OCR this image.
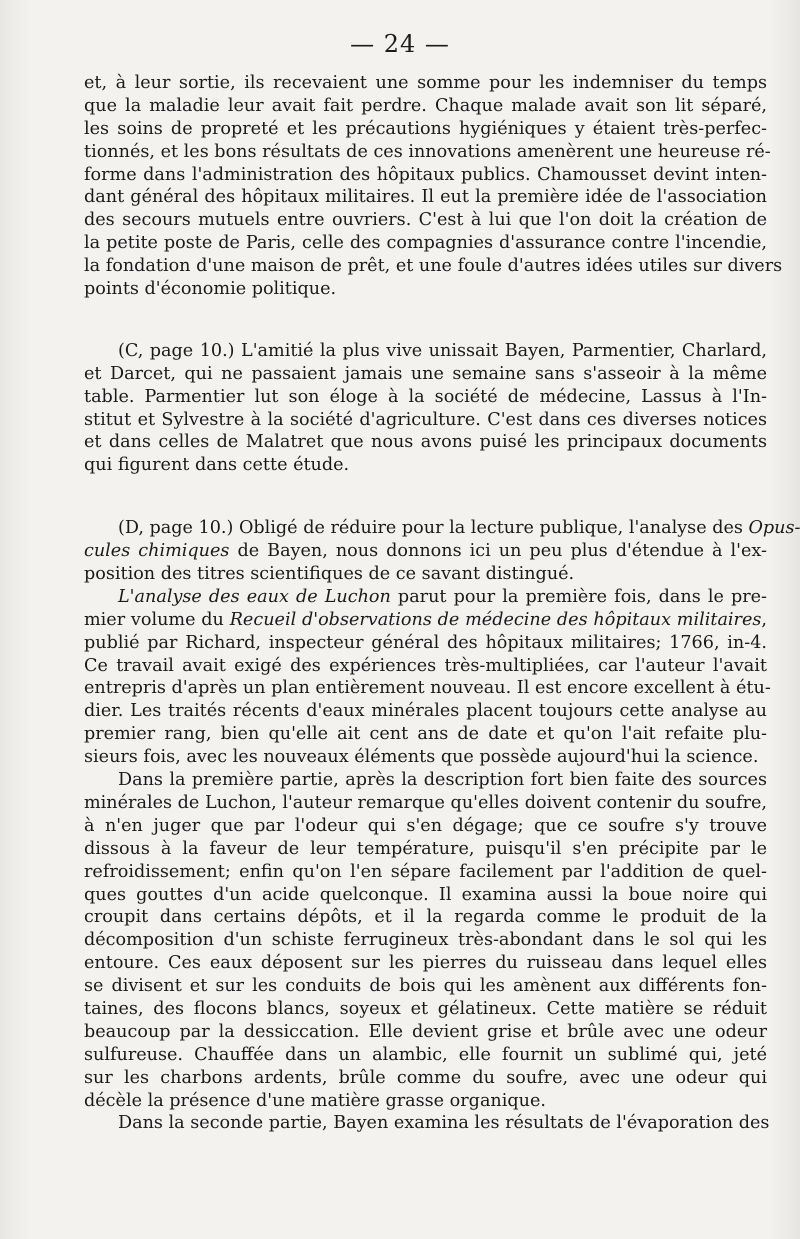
— 24 —
et, à leur sortie, ils recevaient une somme pour les indemniser du temps
que la maladie leur avait fait perdre. Chaque malade avait son lit séparé,
les soins de propreté et les précautions hygiéniques y étaient très-perfec-
tionnés, et les bons résultats de ces innovations amenèrent une heureuse ré-
forme dans l'administration des hôpitaux publics. Chamousset devint inten-
dant général des hôpitaux militaires. Il eut la première idée de l'association
des secours mutuels entre ouvriers. C'est à lui que l'on doit la création de
la petite poste de Paris, celle des compagnies d'assurance contre l'incendie,
la fondation d'une maison de prêt, et une foule d'autres idées utiles sur divers
points d'économie politique.
(C, page 10.) L'amitié la plus vive unissait Bayen, Parmentier, Charlard,
et Darcet, qui ne passaient jamais une semaine sans s'asseoir à la même
table. Parmentier lut son éloge à la société de médecine, Lassus à l'In-
stitut et Sylvestre à la société d'agriculture. C'est dans ces diverses notices
et dans celles de Malatret que nous avons puisé les principaux documents
qui figurent dans cette étude.
(D, page 10.) Obligé de réduire pour la lecture publique, l'analyse des Opus-
cules chimiques de Bayen, nous donnons ici un peu plus d'étendue à l'ex-
position des titres scientifiques de ce savant distingué.
L'analyse des eaux de Luchon parut pour la première fois, dans le pre-
mier volume du Recueil d'observations de médecine des hôpitaux militaires,
publié par Richard, inspecteur général des hôpitaux militaires; 1766, in-4.
Ce travail avait exigé des expériences très-multipliées, car l'auteur l'avait
entrepris d'après un plan entièrement nouveau. Il est encore excellent à étu-
dier. Les traités récents d'eaux minérales placent toujours cette analyse au
premier rang, bien qu'elle ait cent ans de date et qu'on l'ait refaite plu-
sieurs fois, avec les nouveaux éléments que possède aujourd'hui la science.
Dans la première partie, après la description fort bien faite des sources
minérales de Luchon, l'auteur remarque qu'elles doivent contenir du soufre,
à n'en juger que par l'odeur qui s'en dégage; que ce soufre s'y trouve
dissous à la faveur de leur température, puisqu'il s'en précipite par le
refroidissement; enfin qu'on l'en sépare facilement par l'addition de quel-
ques gouttes d'un acide quelconque. Il examina aussi la boue noire qui
croupit dans certains dépôts, et il la regarda comme le produit de la
décomposition d'un schiste ferrugineux très-abondant dans le sol qui les
entoure. Ces eaux déposent sur les pierres du ruisseau dans lequel elles
se divisent et sur les conduits de bois qui les amènent aux différents fon-
taines, des flocons blancs, soyeux et gélatineux. Cette matière se réduit
beaucoup par la dessiccation. Elle devient grise et brûle avec une odeur
sulfureuse. Chauffée dans un alambic, elle fournit un sublimé qui, jeté
sur les charbons ardents, brûle comme du soufre, avec une odeur qui
décèle la présence d'une matière grasse organique.
Dans la seconde partie, Bayen examina les résultats de l'évaporation des
